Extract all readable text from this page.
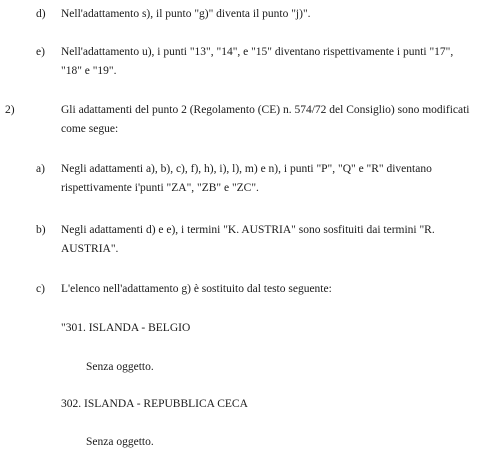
d) Nell'adattamento s), il punto "g)" diventa il punto "j)".
e) Nell'adattamento u), i punti "13", "14", e "15" diventano rispettivamente i punti "17", "18" e "19".
2)	Gli adattamenti del punto 2 (Regolamento (CE) n. 574/72 del Consiglio) sono modificati come segue:
a) Negli adattamenti a), b), c), f), h), i), l), m) e n), i punti "P", "Q" e "R" diventano rispettivamente i'punti "ZA", "ZB" e "ZC".
b) Negli adattamenti d) e e), i termini "K. AUSTRIA" sono sosfituiti dai termini "R. AUSTRIA".
c) L'elenco nell'adattamento g) è sostituito dal testo seguente:
"301. ISLANDA - BELGIO
Senza oggetto.
302. ISLANDA - REPUBBLICA CECA
Senza oggetto.
